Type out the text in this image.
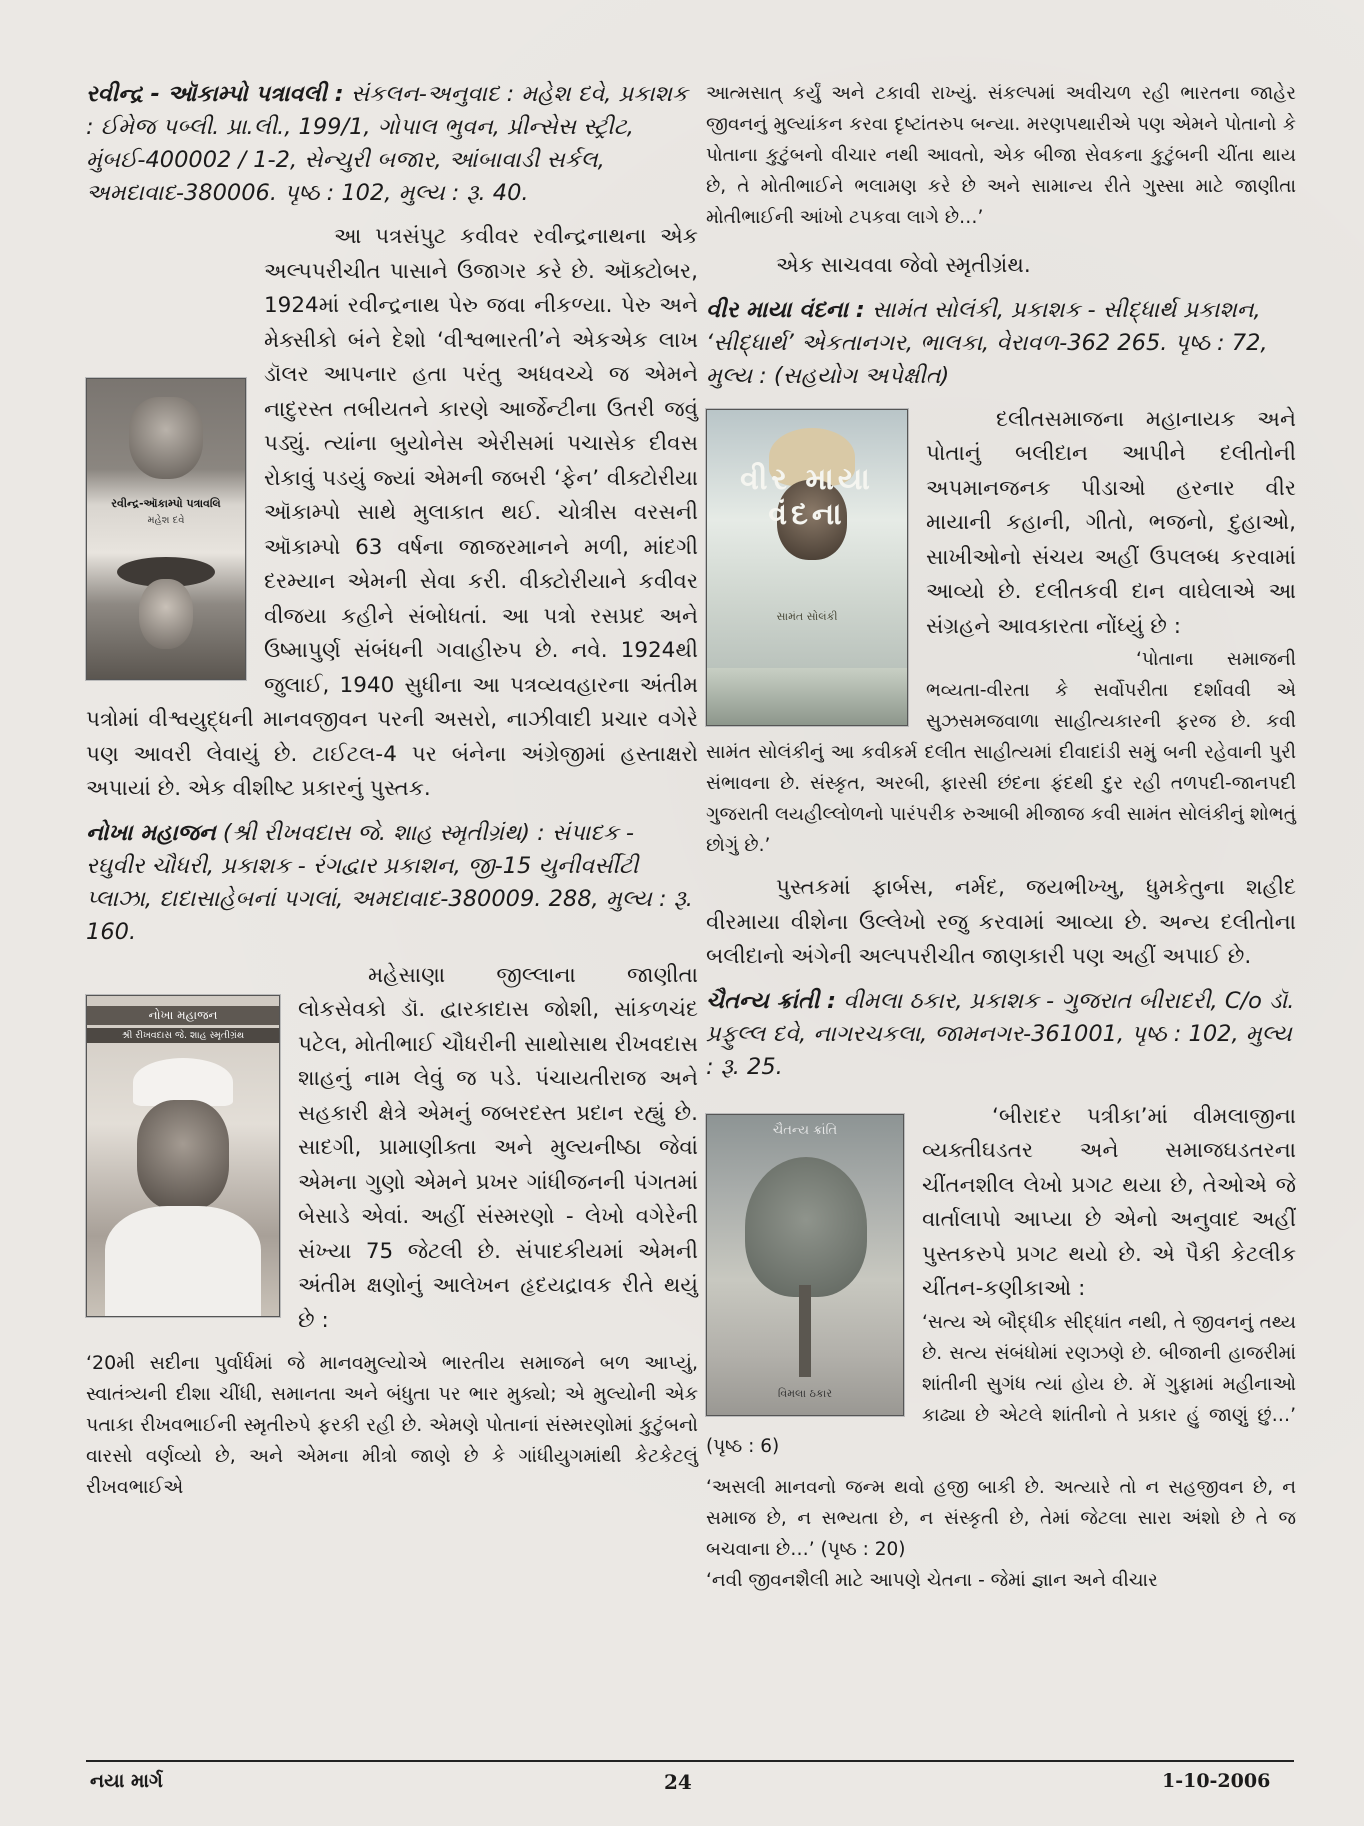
રવીન્દ્ર - ઑકામ્પો પત્રાવલી : સંકલન-અનુવાદ : મહેશ દવે, પ્રકાશક : ઈમેજ પબ્લી. પ્રા.લી., 199/1, ગોપાલ ભુવન, પ્રીન્સેસ સ્ટ્રીટ, મુંબઈ-400002 / 1-2, સેન્ચુરી બજાર, આંબાવાડી સર્કલ, અમદાવાદ-380006. પૃષ્ઠ : 102, મુલ્ય : રૂ. 40.

રવીન્દ્ર-ઑકામ્પો પત્રાવલિ
મહેશ દવે

આ પત્રસંપુટ કવીવર રવીન્દ્રનાથના એક અલ્પપરીચીત પાસાને ઉજાગર કરે છે. ઑક્ટોબર, 1924માં રવીન્દ્રનાથ પેરુ જવા નીકળ્યા. પેરુ અને મેક્સીકો બંને દેશો ‘વીશ્વભારતી’ને એકએક લાખ ડૉલર આપનાર હતા પરંતુ અધવચ્ચે જ એમને નાદુરસ્ત તબીયતને કારણે આર્જેન્ટીના ઉતરી જવું પડ્યું. ત્યાંના બુયોનેસ એરીસમાં પચાસેક દીવસ રોકાવું પડયું જ્યાં એમની જબરી ‘ફેન’ વીક્ટોરીયા ઑકામ્પો સાથે મુલાકાત થઈ. ચોત્રીસ વરસની ઑકામ્પો 63 વર્ષના જાજરમાનને મળી, માંદગી દરમ્યાન એમની સેવા કરી. વીક્ટોરીયાને કવીવર વીજયા કહીને સંબોધતાં. આ પત્રો રસપ્રદ અને ઉષ્માપુર્ણ સંબંધની ગવાહીરુપ છે. નવે. 1924થી જુલાઈ, 1940 સુધીના આ પત્રવ્યવહારના અંતીમ પત્રોમાં વીશ્વયુદ્ધની માનવજીવન પરની અસરો, નાઝીવાદી પ્રચાર વગેરે પણ આવરી લેવાયું છે. ટાઈટલ-4 પર બંનેના અંગ્રેજીમાં હસ્તાક્ષરો અપાયાં છે. એક વીશીષ્ટ પ્રકારનું પુસ્તક.

નોખા મહાજન (શ્રી રીખવદાસ જે. શાહ સ્મૃતીગ્રંથ) : સંપાદક - રઘુવીર ચૌધરી, પ્રકાશક - રંગદ્વાર પ્રકાશન, જી-15 યુનીવર્સીટી પ્લાઝા, દાદાસાહેબનાં પગલાં, અમદાવાદ-380009. 288, મુલ્ય : રૂ. 160.

નોખા મહાજન
શ્રી રીખવદાસ જે. શાહ સ્મૃતીગ્રંથ

મહેસાણા જીલ્લાના જાણીતા લોકસેવકો ડૉ. દ્વારકાદાસ જોશી, સાંકળચંદ પટેલ, મોતીભાઈ ચૌધરીની સાથોસાથ રીખવદાસ શાહનું નામ લેવું જ પડે. પંચાયતીરાજ અને સહકારી ક્ષેત્રે એમનું જબરદસ્ત પ્રદાન રહ્યું છે. સાદગી, પ્રામાણીક્તા અને મુલ્યનીષ્ઠા જેવાં એમના ગુણો એમને પ્રખર ગાંધીજનની પંગતમાં બેસાડે એવાં. અહીં સંસ્મરણો - લેખો વગેરેની સંખ્યા 75 જેટલી છે. સંપાદકીયમાં એમની અંતીમ ક્ષણોનું આલેખન હૃદયદ્રાવક રીતે થયું છે :

‘20મી સદીના પુર્વાર્ધમાં જે માનવમુલ્યોએ ભારતીય સમાજને બળ આપ્યું, સ્વાતંત્ર્યની દીશા ચીંધી, સમાનતા અને બંધુતા પર ભાર મુક્યો; એ મુલ્યોની એક પતાકા રીખવભાઈની સ્મૃતીરુપે ફરકી રહી છે. એમણે પોતાનાં સંસ્મરણોમાં કુટુંબનો વારસો વર્ણવ્યો છે, અને એમના મીત્રો જાણે છે કે ગાંધીયુગમાંથી કેટકેટલું રીખવભાઈએ

આત્મસાત્ કર્યું અને ટકાવી રાખ્યું. સંકલ્પમાં અવીચળ રહી ભારતના જાહેર જીવનનું મુલ્યાંકન કરવા દૃષ્ટાંતરુપ બન્યા. મરણપથારીએ પણ એમને પોતાનો કે પોતાના કુટુંબનો વીચાર નથી આવતો, એક બીજા સેવકના કુટુંબની ચીંતા થાય છે, તે મોતીભાઈને ભલામણ કરે છે અને સામાન્ય રીતે ગુસ્સા માટે જાણીતા મોતીભાઈની આંખો ટપકવા લાગે છે…’

એક સાચવવા જેવો સ્મૃતીગ્રંથ.

વીર માયા વંદના : સામંત સોલંકી, પ્રકાશક - સીદ્ધાર્થ પ્રકાશન, ‘સીદ્ધાર્થ’ એકતાનગર, ભાલકા, વેરાવળ-362 265. પૃષ્ઠ : 72, મુલ્ય : (સહયોગ અપેક્ષીત)

વીર માયા વંદના
સામંત સોલંકી

દલીતસમાજના મહાનાયક અને પોતાનું બલીદાન આપીને દલીતોની અપમાનજનક પીડાઓ હરનાર વીર માયાની કહાની, ગીતો, ભજનો, દુહાઓ, સાખીઓનો સંચય અહીં ઉપલબ્ધ કરવામાં આવ્યો છે. દલીતકવી દાન વાઘેલાએ આ સંગ્રહને આવકારતા નોંધ્યું છે :

‘પોતાના સમાજની ભવ્યતા-વીરતા કે સર્વોપરીતા દર્શાવવી એ સુઝસમજવાળા સાહીત્યકારની ફરજ છે. કવી સામંત સોલંકીનું આ કવીકર્મ દલીત સાહીત્યમાં દીવાદાંડી સમું બની રહેવાની પુરી સંભાવના છે. સંસ્કૃત, અરબી, ફારસી છંદના ફંદથી દુર રહી તળપદી-જાનપદી ગુજરાતી લયહીલ્લોળનો પારંપરીક રુઆબી મીજાજ કવી સામંત સોલંકીનું શોભતું છોગું છે.’

પુસ્તકમાં ફાર્બસ, નર્મદ, જયભીખ્ખુ, ધુમકેતુના શહીદ વીરમાયા વીશેના ઉલ્લેખો રજુ કરવામાં આવ્યા છે. અન્ય દલીતોના બલીદાનો અંગેની અલ્પપરીચીત જાણકારી પણ અહીં અપાઈ છે.

ચૈતન્ય ક્રાંતી : વીમલા ઠકાર, પ્રકાશક - ગુજરાત બીરાદરી, C/o ડૉ. પ્રફુલ્લ દવે, નાગરચકલા, જામનગર-361001, પૃષ્ઠ : 102, મુલ્ય : રૂ. 25.

ચૈતન્ય ક્રાંતિ
વિમલા ઠકાર

‘બીરાદર પત્રીકા’માં વીમલાજીના વ્યક્તીઘડતર અને સમાજઘડતરના ચીંતનશીલ લેખો પ્રગટ થયા છે, તેઓએ જે વાર્તાલાપો આપ્યા છે એનો અનુવાદ અહીં પુસ્તકરુપે પ્રગટ થયો છે. એ પૈકી કેટલીક ચીંતન-કણીકાઓ :

‘સત્ય એ બૌદ્ધીક સીદ્ધાંત નથી, તે જીવનનું તથ્ય છે. સત્ય સંબંધોમાં રણઝણે છે. બીજાની હાજરીમાં શાંતીની સુગંધ ત્યાં હોય છે. મેં ગુફામાં મહીનાઓ કાઢ્યા છે એટલે શાંતીનો તે પ્રકાર હું જાણું છું…’ (પૃષ્ઠ : 6)

‘અસલી માનવનો જન્મ થવો હજી બાકી છે. અત્યારે તો ન સહજીવન છે, ન સમાજ છે, ન સભ્યતા છે, ન સંસ્કૃતી છે, તેમાં જેટલા સારા અંશો છે તે જ બચવાના છે…’ (પૃષ્ઠ : 20)

‘નવી જીવનશૈલી માટે આપણે ચેતના - જેમાં જ્ઞાન અને વીચાર

નયા માર્ગ	24	1-10-2006
